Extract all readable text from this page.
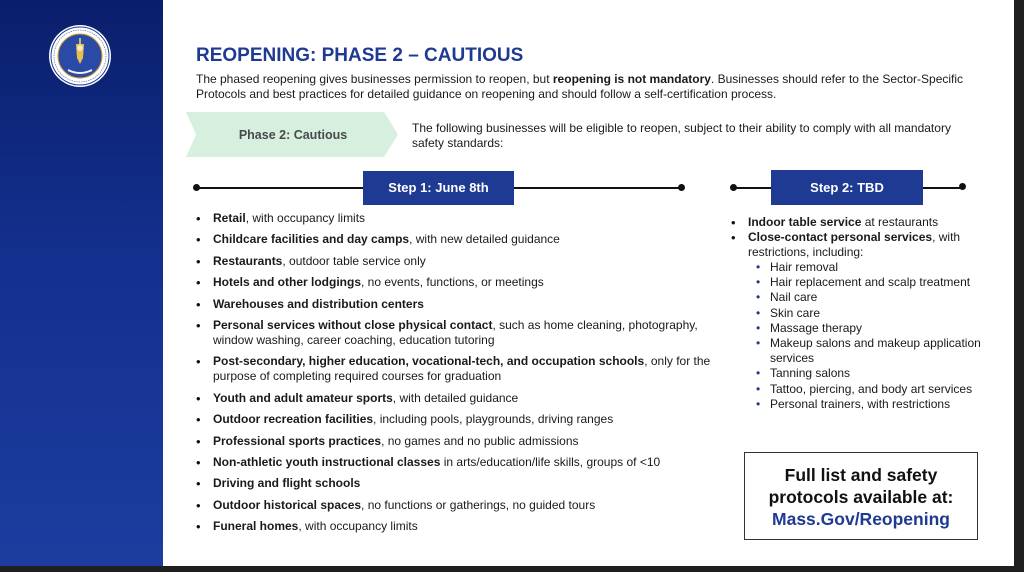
REOPENING: PHASE 2 – CAUTIOUS
The phased reopening gives businesses permission to reopen, but reopening is not mandatory. Businesses should refer to the Sector-Specific Protocols and best practices for detailed guidance on reopening and should follow a self-certification process.
Phase 2: Cautious	The following businesses will be eligible to reopen, subject to their ability to comply with all mandatory safety standards:
Step 1: June 8th	Step 2: TBD
• Retail, with occupancy limits
• Childcare facilities and day camps, with new detailed guidance
• Restaurants, outdoor table service only
• Hotels and other lodgings, no events, functions, or meetings
• Warehouses and distribution centers
• Personal services without close physical contact, such as home cleaning, photography, window washing, career coaching, education tutoring
• Post-secondary, higher education, vocational-tech, and occupation schools, only for the purpose of completing required courses for graduation
• Youth and adult amateur sports, with detailed guidance
• Outdoor recreation facilities, including pools, playgrounds, driving ranges
• Professional sports practices, no games and no public admissions
• Non-athletic youth instructional classes in arts/education/life skills, groups of <10
• Driving and flight schools
• Outdoor historical spaces, no functions or gatherings, no guided tours
• Funeral homes, with occupancy limits
• Indoor table service at restaurants
• Close-contact personal services, with restrictions, including:
• Hair removal
• Hair replacement and scalp treatment
• Nail care
• Skin care
• Massage therapy
• Makeup salons and makeup application services
• Tanning salons
• Tattoo, piercing, and body art services
• Personal trainers, with restrictions
Full list and safety
protocols available at:
Mass.Gov/Reopening
